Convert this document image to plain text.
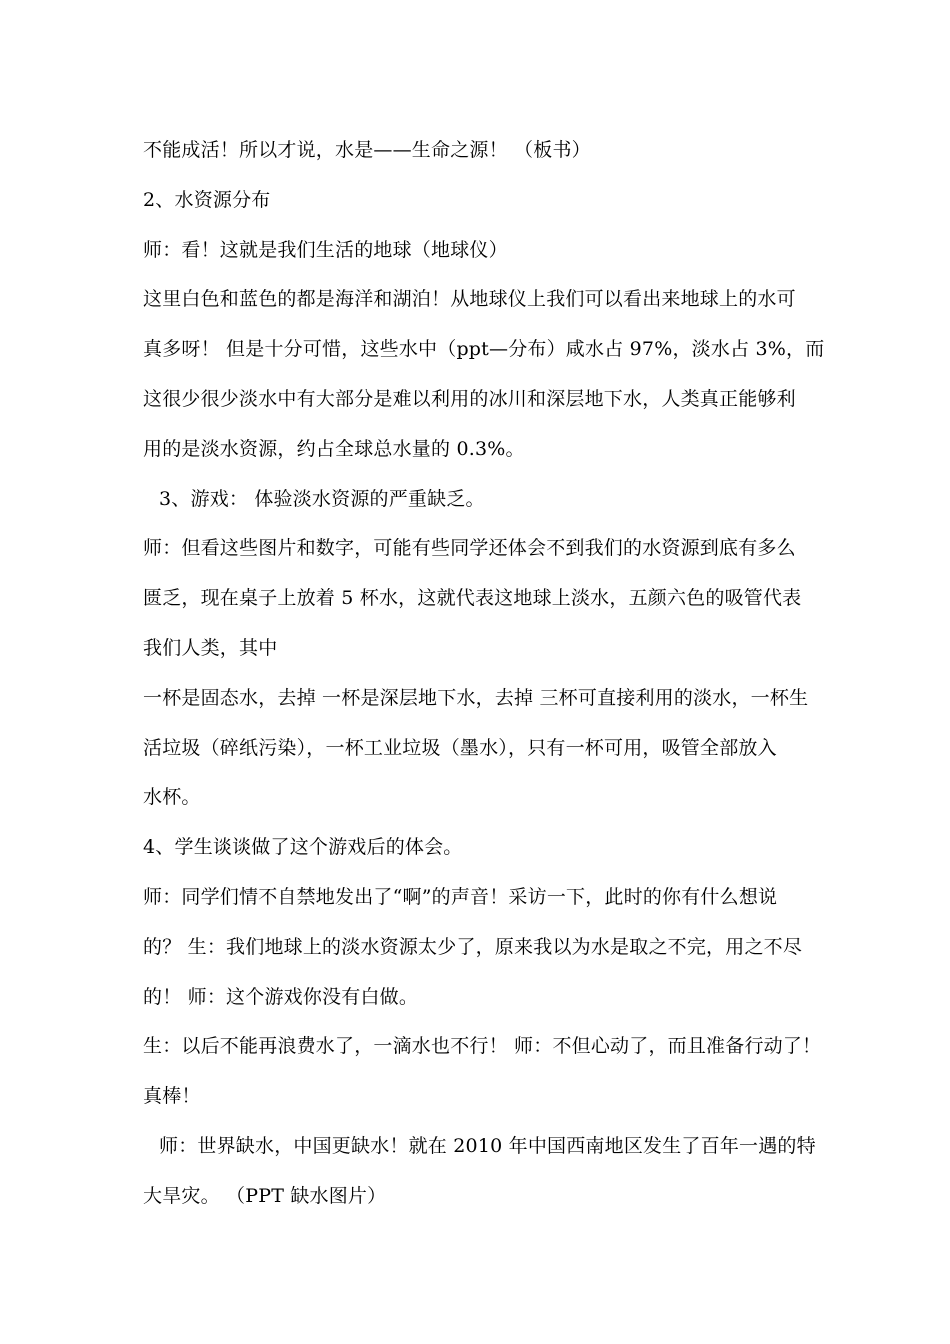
不能成活！所以才说，水是——生命之源！ （板书）
2、水资源分布
师：看！这就是我们生活的地球（地球仪）
这里白色和蓝色的都是海洋和湖泊！从地球仪上我们可以看出来地球上的水可
真多呀！ 但是十分可惜，这些水中（ppt—分布）咸水占 97%，淡水占 3%，而
这很少很少淡水中有大部分是难以利用的冰川和深层地下水，人类真正能够利
用的是淡水资源，约占全球总水量的 0.3%。
3、游戏： 体验淡水资源的严重缺乏。
师：但看这些图片和数字，可能有些同学还体会不到我们的水资源到底有多么
匮乏，现在桌子上放着 5 杯水，这就代表这地球上淡水，五颜六色的吸管代表
我们人类，其中
一杯是固态水，去掉 一杯是深层地下水，去掉 三杯可直接利用的淡水，一杯生
活垃圾（碎纸污染），一杯工业垃圾（墨水），只有一杯可用，吸管全部放入
水杯。
4、学生谈谈做了这个游戏后的体会。
师：同学们情不自禁地发出了“啊”的声音！采访一下，此时的你有什么想说
的？ 生：我们地球上的淡水资源太少了，原来我以为水是取之不完，用之不尽
的！ 师：这个游戏你没有白做。
生：以后不能再浪费水了，一滴水也不行！ 师：不但心动了，而且准备行动了！
真棒！
师：世界缺水，中国更缺水！就在 2010 年中国西南地区发生了百年一遇的特
大旱灾。 （PPT 缺水图片）
